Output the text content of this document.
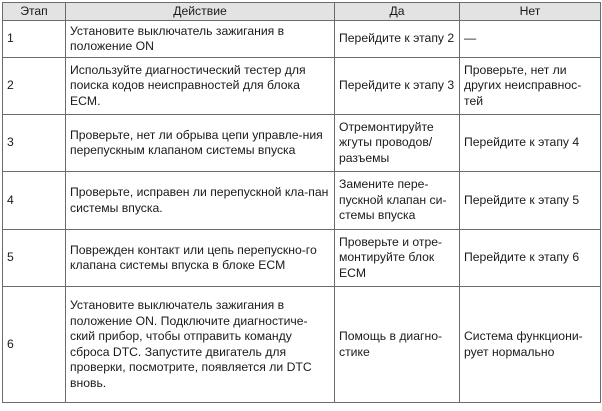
Этап	Действие	Да	Нет
1	Установите выключатель зажигания в положение ON	Перейдите к этапу 2	—
2	Используйте диагностический тестер для поиска кодов неисправностей для блока ECM.	Перейдите к этапу 3	Проверьте, нет ли других неисправнос-тей
3	Проверьте, нет ли обрыва цепи управле-ния перепускным клапаном системы впуска	Отремонтируйте жгуты проводов/разъемы	Перейдите к этапу 4
4	Проверьте, исправен ли перепускной кла-пан системы впуска.	Замените пере-пускной клапан си-стемы впуска	Перейдите к этапу 5
5	Поврежден контакт или цепь перепускно-го клапана системы впуска в блоке ECM	Проверьте и отре-монтируйте блок ECM	Перейдите к этапу 6
6	Установите выключатель зажигания в положение ON. Подключите диагностиче-ский прибор, чтобы отправить команду сброса DTC. Запустите двигатель для проверки, посмотрите, появляется ли DTC вновь.	Помощь в диагно-стике	Система функциони-рует нормально
